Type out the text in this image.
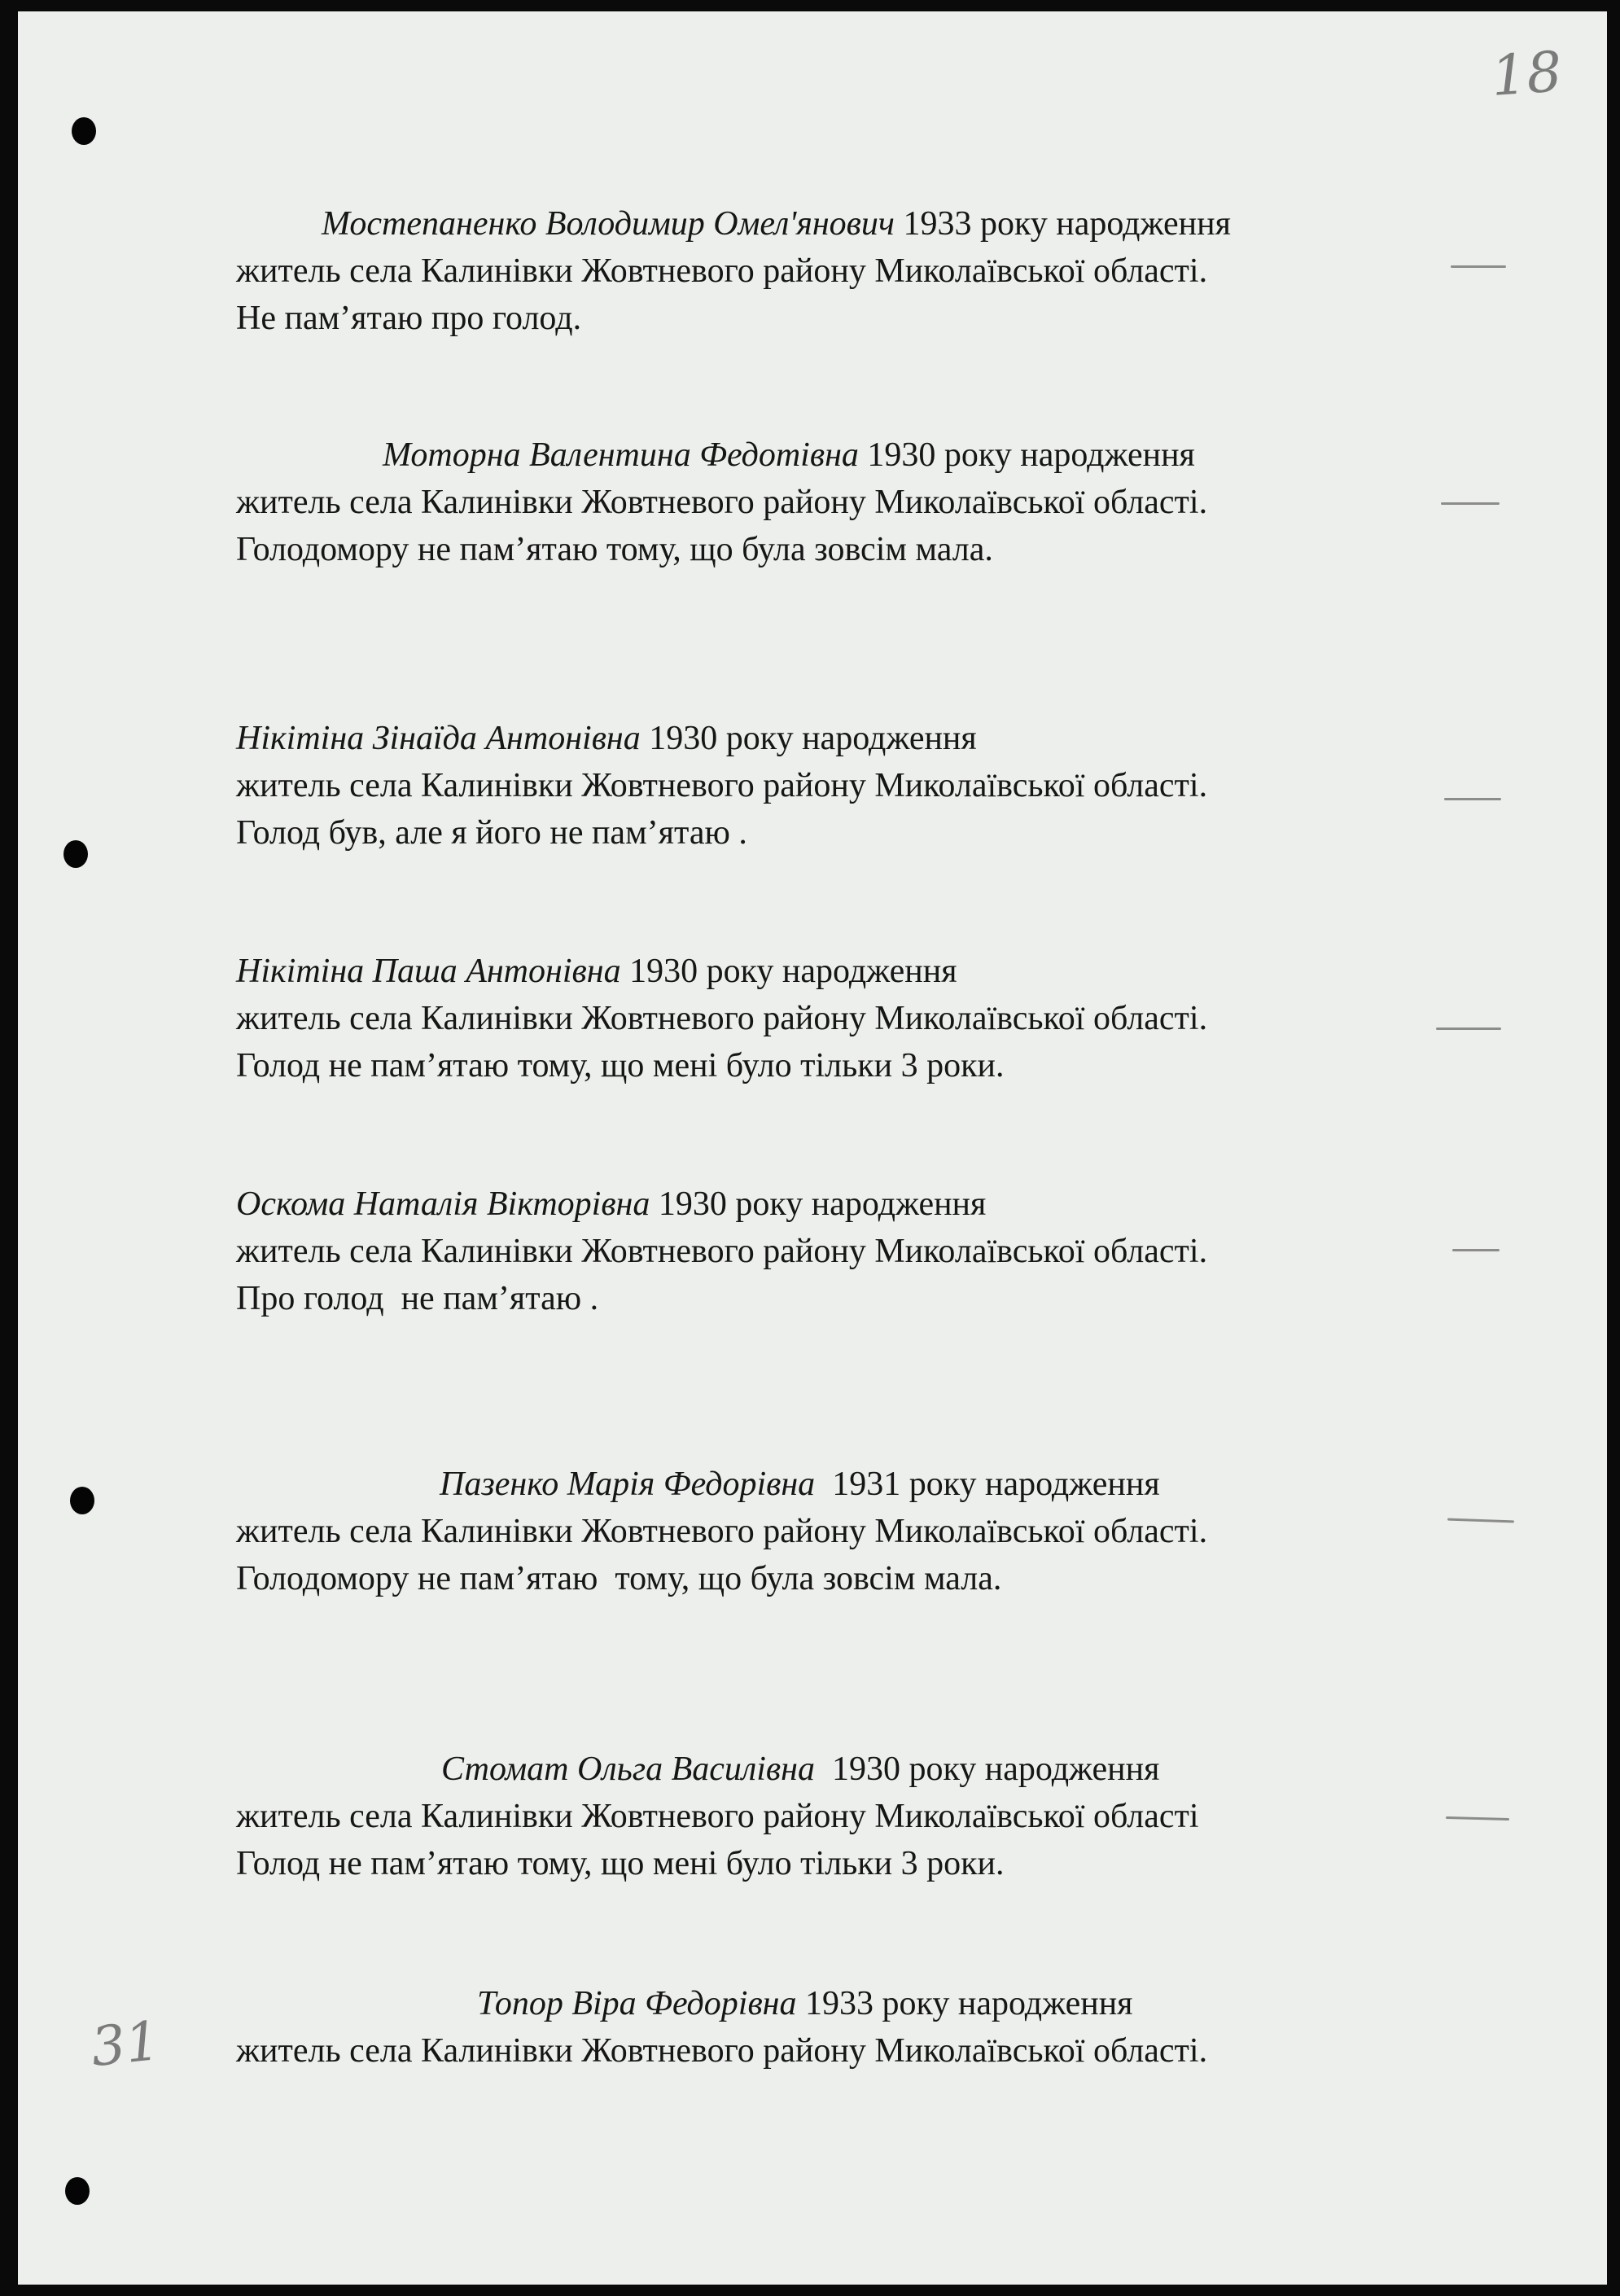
18
31
Мостепаненко Володимир Омел'янович 1933 року народження
житель села Калинівки Жовтневого району Миколаївської області.
Не пам’ятаю про голод.
Моторна Валентина Федотівна 1930 року народження
житель села Калинівки Жовтневого району Миколаївської області.
Голодомору не пам’ятаю тому, що була зовсім мала.
Нікітіна Зінаїда Антонівна 1930 року народження
житель села Калинівки Жовтневого району Миколаївської області.
Голод був, але я його не пам’ятаю .
Нікітіна Паша Антонівна 1930 року народження
житель села Калинівки Жовтневого району Миколаївської області.
Голод не пам’ятаю тому, що мені було тільки 3 роки.
Оскома Наталія Вікторівна 1930 року народження
житель села Калинівки Жовтневого району Миколаївської області.
Про голод  не пам’ятаю .
Пазенко Марія Федорівна  1931 року народження
житель села Калинівки Жовтневого району Миколаївської області.
Голодомору не пам’ятаю  тому, що була зовсім мала.
Стомат Ольга Василівна  1930 року народження
житель села Калинівки Жовтневого району Миколаївської області
Голод не пам’ятаю тому, що мені було тільки 3 роки.
Топор Віра Федорівна 1933 року народження
житель села Калинівки Жовтневого району Миколаївської області.
